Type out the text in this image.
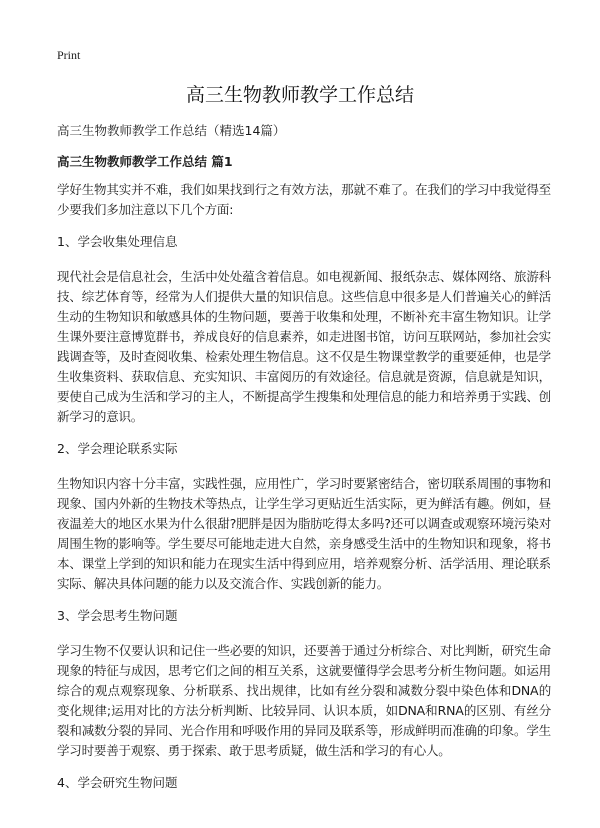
Print
高三生物教师教学工作总结

高三生物教师教学工作总结（精选14篇）

高三生物教师教学工作总结 篇1

学好生物其实并不难，我们如果找到行之有效方法，那就不难了。在我们的学习中我觉得至少要我们多加注意以下几个方面:

1、学会收集处理信息

现代社会是信息社会，生活中处处蕴含着信息。如电视新闻、报纸杂志、媒体网络、旅游科技、综艺体育等，经常为人们提供大量的知识信息。这些信息中很多是人们普遍关心的鲜活生动的生物知识和敏感具体的生物问题，要善于收集和处理，不断补充丰富生物知识。让学生课外要注意博览群书，养成良好的信息素养，如走进图书馆，访问互联网站，参加社会实践调查等，及时查阅收集、检索处理生物信息。这不仅是生物课堂教学的重要延伸，也是学生收集资料、获取信息、充实知识、丰富阅历的有效途径。信息就是资源，信息就是知识，要使自己成为生活和学习的主人，不断提高学生搜集和处理信息的能力和培养勇于实践、创新学习的意识。

2、学会理论联系实际

生物知识内容十分丰富，实践性强，应用性广，学习时要紧密结合，密切联系周围的事物和现象、国内外新的生物技术等热点，让学生学习更贴近生活实际，更为鲜活有趣。例如，昼夜温差大的地区水果为什么很甜?肥胖是因为脂肪吃得太多吗?还可以调查或观察环境污染对周围生物的影响等。学生要尽可能地走进大自然，亲身感受生活中的生物知识和现象，将书本、课堂上学到的知识和能力在现实生活中得到应用，培养观察分析、活学活用、理论联系实际、解决具体问题的能力以及交流合作、实践创新的能力。

3、学会思考生物问题

学习生物不仅要认识和记住一些必要的知识，还要善于通过分析综合、对比判断，研究生命现象的特征与成因，思考它们之间的相互关系，这就要懂得学会思考分析生物问题。如运用综合的观点观察现象、分析联系、找出规律，比如有丝分裂和减数分裂中染色体和DNA的变化规律;运用对比的方法分析判断、比较异同、认识本质，如DNA和RNA的区别、有丝分裂和减数分裂的异同、光合作用和呼吸作用的异同及联系等，形成鲜明而准确的印象。学生学习时要善于观察、勇于探索、敢于思考质疑，做生活和学习的有心人。

4、学会研究生物问题
